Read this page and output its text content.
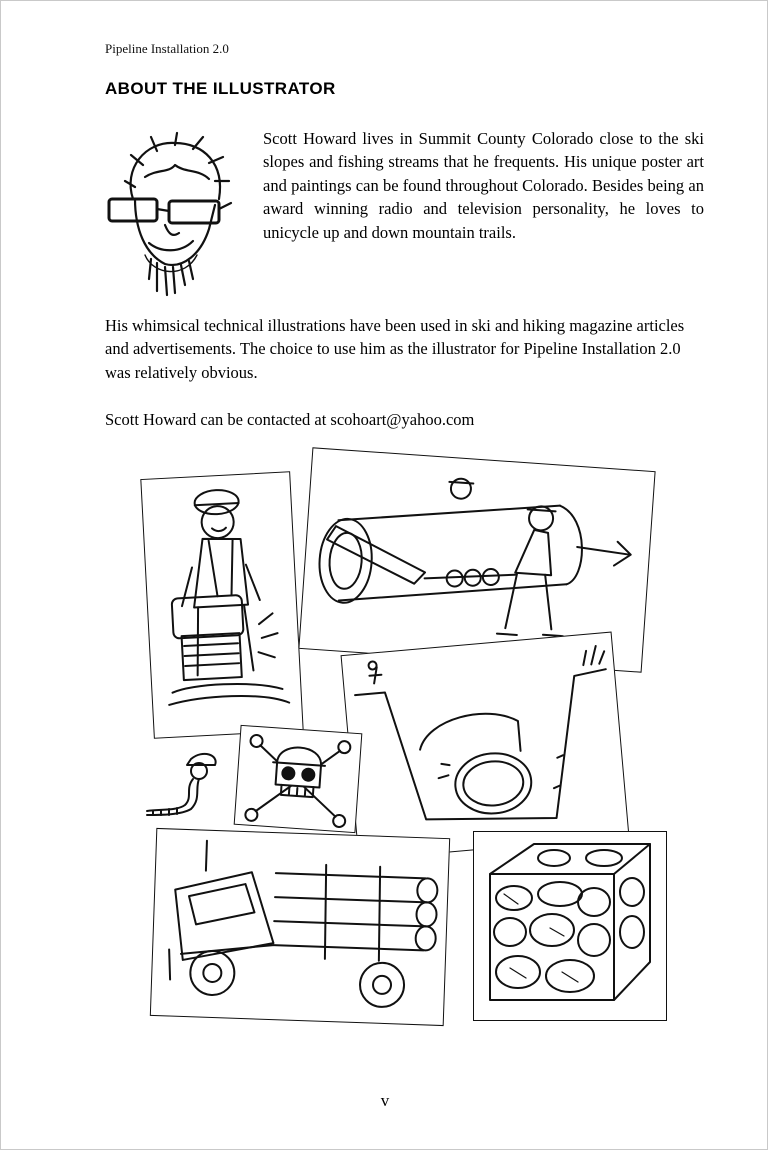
Pipeline Installation 2.0
ABOUT THE ILLUSTRATOR

Scott Howard lives in Summit County Colorado close to the ski slopes and fishing streams that he frequents. His unique poster art and paintings can be found throughout Colorado. Besides being an award winning radio and television personality, he loves to unicycle up and down mountain trails.

His whimsical technical illustrations have been used in ski and hiking magazine articles and advertisements. The choice to use him as the illustrator for Pipeline Installation 2.0 was relatively obvious.

Scott Howard can be contacted at scohoart@yahoo.com

v
